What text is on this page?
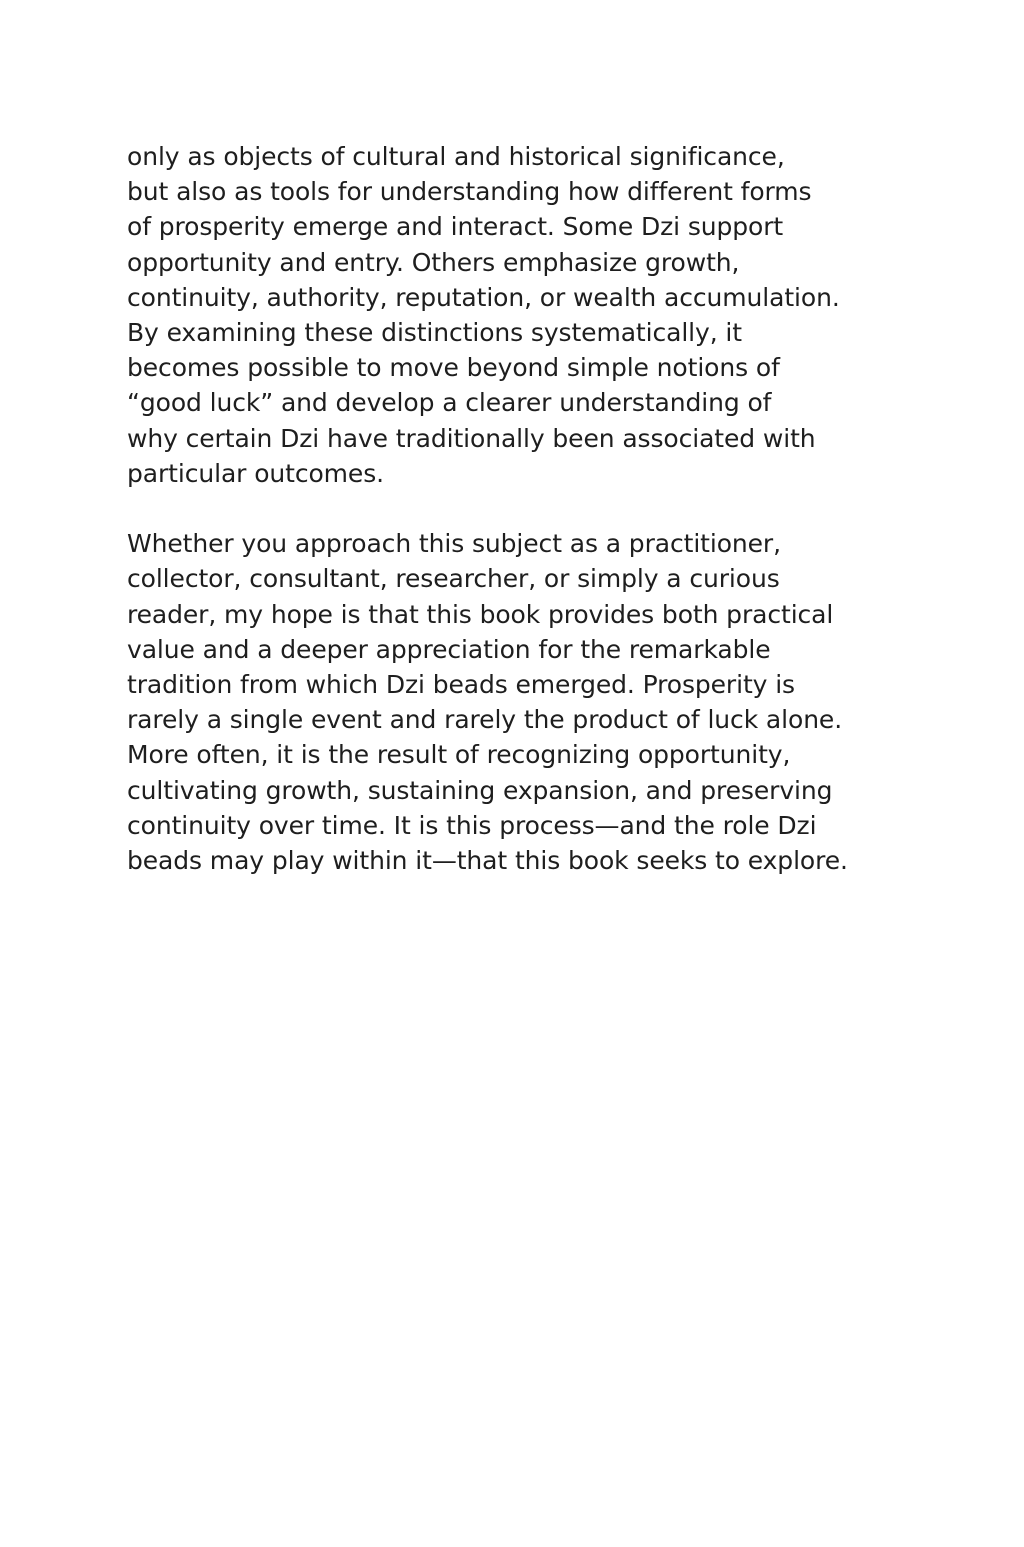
only as objects of cultural and historical significance,
but also as tools for understanding how different forms
of prosperity emerge and interact. Some Dzi support
opportunity and entry. Others emphasize growth,
continuity, authority, reputation, or wealth accumulation.
By examining these distinctions systematically, it
becomes possible to move beyond simple notions of
“good luck” and develop a clearer understanding of
why certain Dzi have traditionally been associated with
particular outcomes.

Whether you approach this subject as a practitioner,
collector, consultant, researcher, or simply a curious
reader, my hope is that this book provides both practical
value and a deeper appreciation for the remarkable
tradition from which Dzi beads emerged. Prosperity is
rarely a single event and rarely the product of luck alone.
More often, it is the result of recognizing opportunity,
cultivating growth, sustaining expansion, and preserving
continuity over time. It is this process—and the role Dzi
beads may play within it—that this book seeks to explore.
